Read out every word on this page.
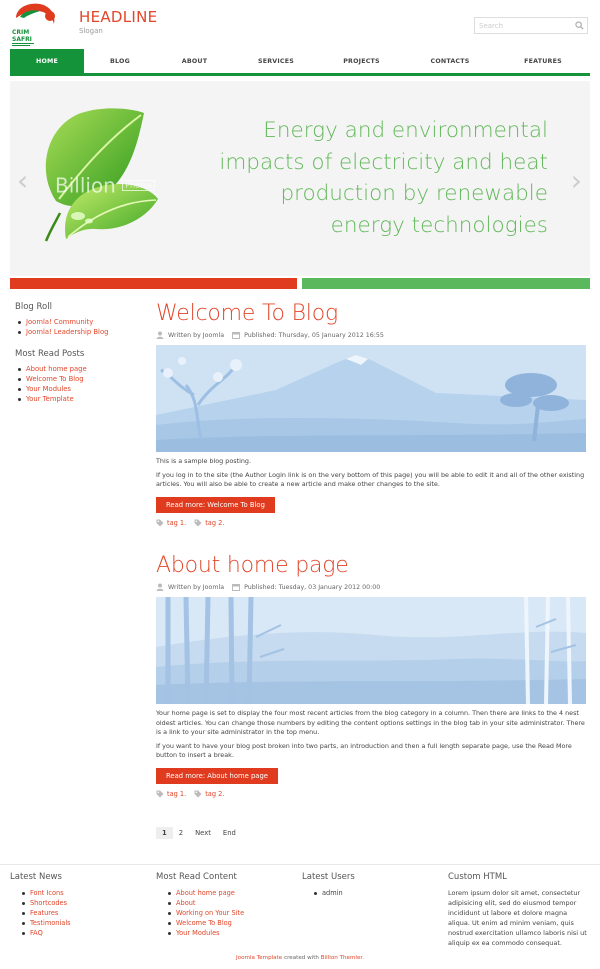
CRIM
SAFRI
HEADLINE
Slogan
Search
HOME	BLOG	ABOUT	SERVICES	PROJECTS	CONTACTS	FEATURES
Billion Photos
Energy and environmental impacts of electricity and heat production by renewable energy technologies
‹	›
Blog Roll
Joomla! Community
Joomla! Leadership Blog
Most Read Posts
About home page
Welcome To Blog
Your Modules
Your Template
Welcome To Blog
Written by Joomla	Published: Thursday, 05 January 2012 16:55

This is a sample blog posting.

If you log in to the site (the Author Login link is on the very bottom of this page) you will be able to edit it and all of the other existing articles. You will also be able to create a new article and make other changes to the site.

Read more: Welcome To Blog
tag 1.	tag 2.
About home page
Written by Joomla	Published: Tuesday, 03 January 2012 00:00

Your home page is set to display the four most recent articles from the blog category in a column. Then there are links to the 4 nest oldest articles. You can change those numbers by editing the content options settings in the blog tab in your site administrator. There is a link to your site administrator in the top menu.

If you want to have your blog post broken into two parts, an introduction and then a full length separate page, use the Read More button to insert a break.

Read more: About home page
tag 1.	tag 2.
1	2	Next	End
Latest News
Font Icons
Shortcodes
Features
Testimonials
FAQ
Most Read Content
About home page
About
Working on Your Site
Welcome To Blog
Your Modules
Latest Users
admin
Custom HTML
Lorem ipsum dolor sit amet, consectetur adipisicing elit, sed do eiusmod tempor incididunt ut labore et dolore magna aliqua. Ut enim ad minim veniam, quis nostrud exercitation ullamco laboris nisi ut aliquip ex ea commodo consequat.
Joomla Template created with Billion Themler.
